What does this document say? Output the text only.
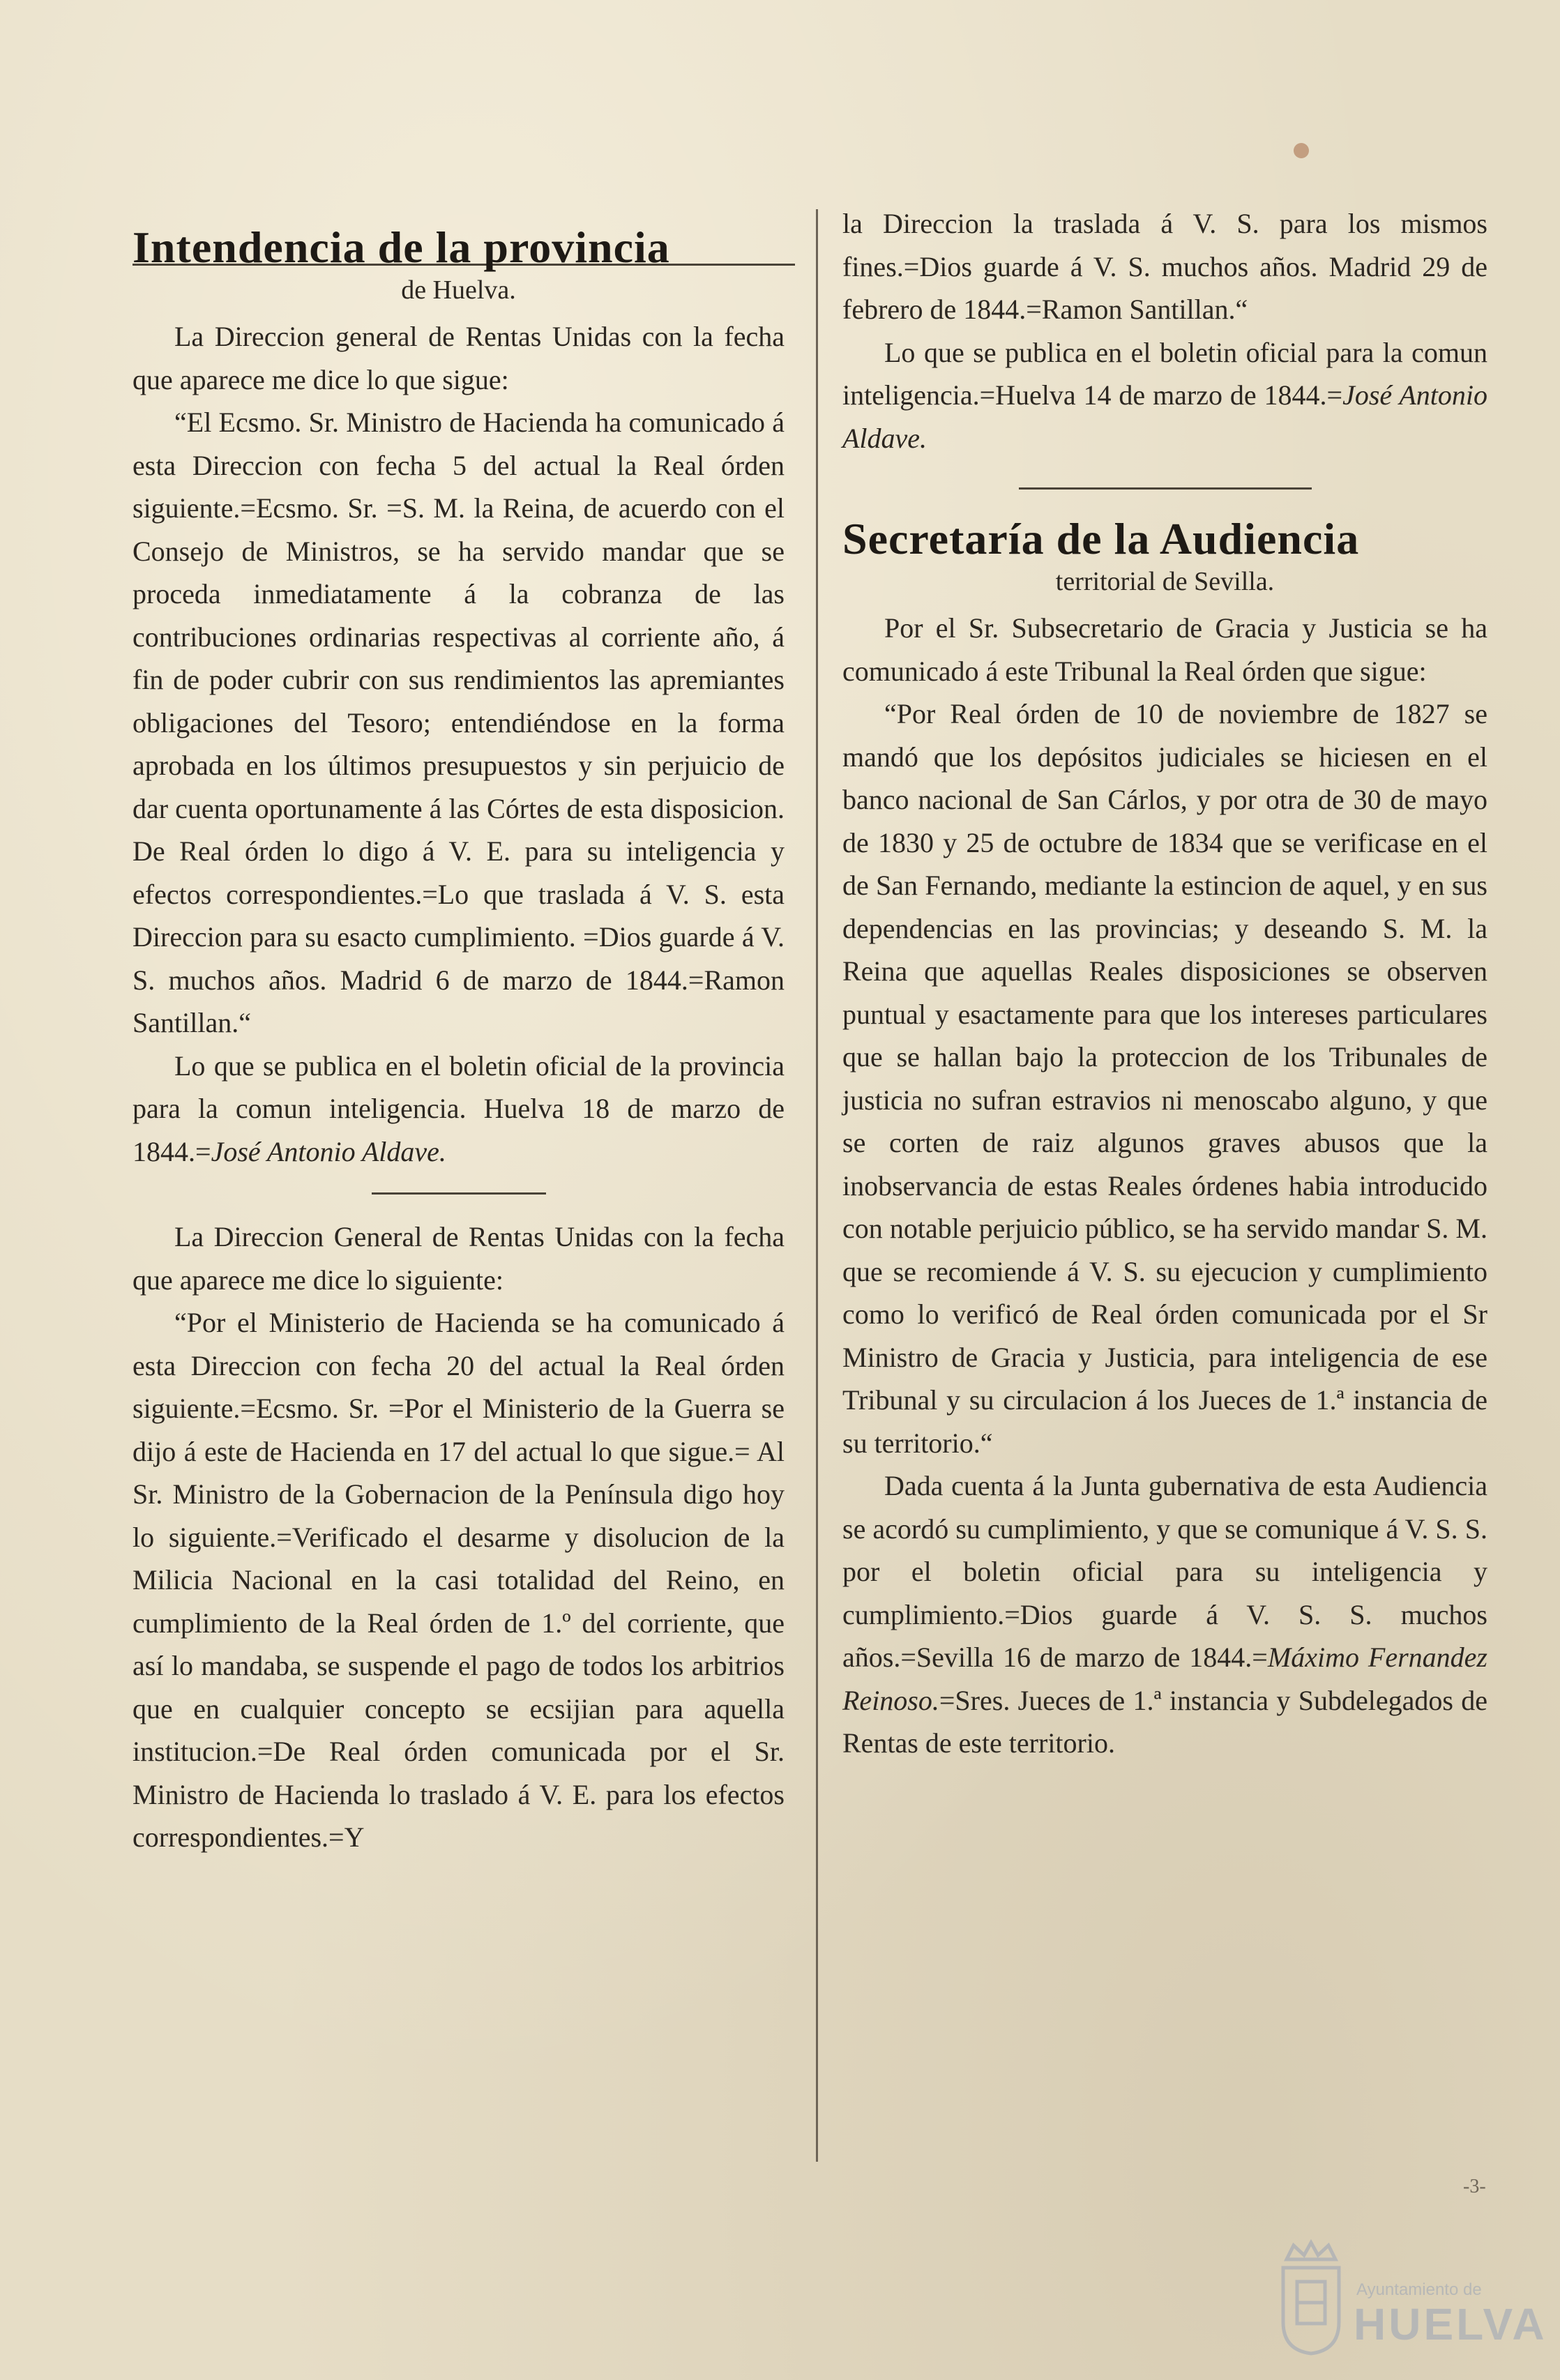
Intendencia de la provincia
de Huelva.

La Direccion general de Rentas Unidas con la fecha que aparece me dice lo que sigue:

“El Ecsmo. Sr. Ministro de Hacienda ha comunicado á esta Direccion con fecha 5 del actual la Real órden siguiente.=Ecsmo. Sr. =S. M. la Reina, de acuerdo con el Consejo de Ministros, se ha servido mandar que se proceda inmediatamente á la cobranza de las contribuciones ordinarias respectivas al corriente año, á fin de poder cubrir con sus rendimientos las apremiantes obligaciones del Tesoro; entendiéndose en la forma aprobada en los últimos presupuestos y sin perjuicio de dar cuenta oportunamente á las Córtes de esta disposicion. De Real órden lo digo á V. E. para su inteligencia y efectos correspondientes.=Lo que traslada á V. S. esta Direccion para su esacto cumplimiento. =Dios guarde á V. S. muchos años. Madrid 6 de marzo de 1844.=Ramon Santillan.“

Lo que se publica en el boletin oficial de la provincia para la comun inteligencia. Huelva 18 de marzo de 1844.=José Antonio Aldave.

La Direccion General de Rentas Unidas con la fecha que aparece me dice lo siguiente:

“Por el Ministerio de Hacienda se ha comunicado á esta Direccion con fecha 20 del actual la Real órden siguiente.=Ecsmo. Sr. =Por el Ministerio de la Guerra se dijo á este de Hacienda en 17 del actual lo que sigue.= Al Sr. Ministro de la Gobernacion de la Península digo hoy lo siguiente.=Verificado el desarme y disolucion de la Milicia Nacional en la casi totalidad del Reino, en cumplimiento de la Real órden de 1.º del corriente, que así lo mandaba, se suspende el pago de todos los arbitrios que en cualquier concepto se ecsijian para aquella institucion.=De Real órden comunicada por el Sr. Ministro de Hacienda lo traslado á V. E. para los efectos correspondientes.=Y

la Direccion la traslada á V. S. para los mismos fines.=Dios guarde á V. S. muchos años. Madrid 29 de febrero de 1844.=Ramon Santillan.“

Lo que se publica en el boletin oficial para la comun inteligencia.=Huelva 14 de marzo de 1844.=José Antonio Aldave.

Secretaría de la Audiencia
territorial de Sevilla.

Por el Sr. Subsecretario de Gracia y Justicia se ha comunicado á este Tribunal la Real órden que sigue:

“Por Real órden de 10 de noviembre de 1827 se mandó que los depósitos judiciales se hiciesen en el banco nacional de San Cárlos, y por otra de 30 de mayo de 1830 y 25 de octubre de 1834 que se verificase en el de San Fernando, mediante la estincion de aquel, y en sus dependencias en las provincias; y deseando S. M. la Reina que aquellas Reales disposiciones se observen puntual y esactamente para que los intereses particulares que se hallan bajo la proteccion de los Tribunales de justicia no sufran estravios ni menoscabo alguno, y que se corten de raiz algunos graves abusos que la inobservancia de estas Reales órdenes habia introducido con notable perjuicio público, se ha servido mandar S. M. que se recomiende á V. S. su ejecucion y cumplimiento como lo verificó de Real órden comunicada por el Sr Ministro de Gracia y Justicia, para inteligencia de ese Tribunal y su circulacion á los Jueces de 1.ª instancia de su territorio.“

Dada cuenta á la Junta gubernativa de esta Audiencia se acordó su cumplimiento, y que se comunique á V. S. S. por el boletin oficial para su inteligencia y cumplimiento.=Dios guarde á V. S. S. muchos años.=Sevilla 16 de marzo de 1844.=Máximo Fernandez Reinoso.=Sres. Jueces de 1.ª instancia y Subdelegados de Rentas de este territorio.

-3-
Ayuntamiento de
HUELVA
